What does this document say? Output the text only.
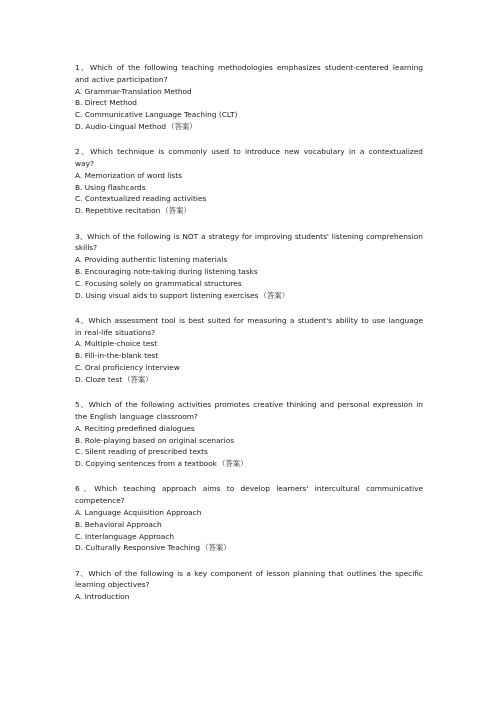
1、Which of the following teaching methodologies emphasizes student-centered learning and active participation?

A. Grammar-Translation Method

B. Direct Method

C. Communicative Language Teaching (CLT)

D. Audio-Lingual Method（答案）

2、Which technique is commonly used to introduce new vocabulary in a contextualized way?

A. Memorization of word lists

B. Using flashcards

C. Contextualized reading activities

D. Repetitive recitation（答案）

3、Which of the following is NOT a strategy for improving students' listening comprehension skills?

A. Providing authentic listening materials

B. Encouraging note-taking during listening tasks

C. Focusing solely on grammatical structures

D. Using visual aids to support listening exercises（答案）

4、Which assessment tool is best suited for measuring a student's ability to use language in real-life situations?

A. Multiple-choice test

B. Fill-in-the-blank test

C. Oral proficiency interview

D. Cloze test（答案）

5、Which of the following activities promotes creative thinking and personal expression in the English language classroom?

A. Reciting predefined dialogues

B. Role-playing based on original scenarios

C. Silent reading of prescribed texts

D. Copying sentences from a textbook（答案）

6、Which teaching approach aims to develop learners' intercultural communicative competence?

A. Language Acquisition Approach

B. Behavioral Approach

C. Interlanguage Approach

D. Culturally Responsive Teaching（答案）

7、Which of the following is a key component of lesson planning that outlines the specific learning objectives?

A. Introduction
